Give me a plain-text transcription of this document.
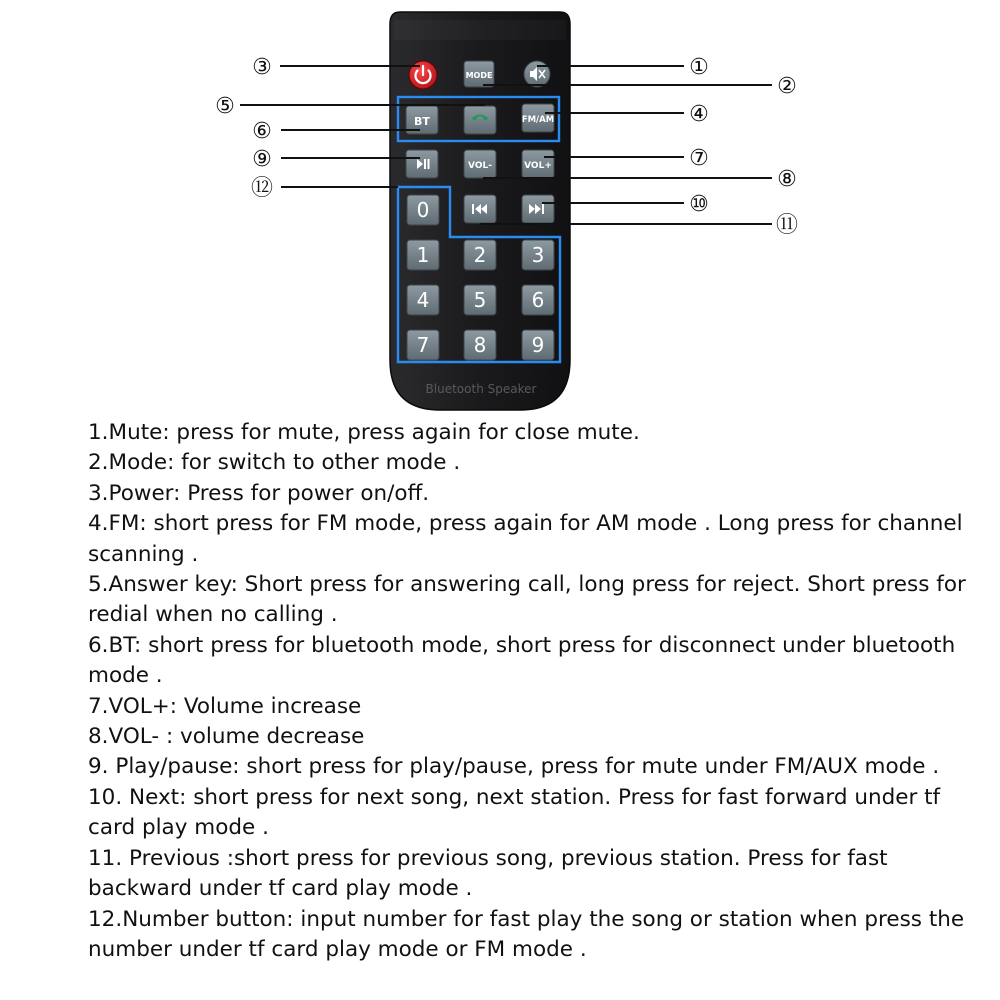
Bluetooth Speaker
MODE
BT	FM/AM
VOL-	VOL+
0
1 2 3
4 5 6
7 8 9
①
②
③
④
⑤
⑥
⑦
⑧
⑨
⑩
⑪
⑫

1.Mute: press for mute, press again for close mute.

2.Mode: for switch to other mode .

3.Power: Press for power on/off.

4.FM: short press for FM mode, press again for AM mode . Long press for channel scanning .

5.Answer key: Short press for answering call, long press for reject. Short press for redial when no calling .

6.BT: short press for bluetooth mode, short press for disconnect under bluetooth mode .

7.VOL+: Volume increase

8.VOL- : volume decrease

9. Play/pause: short press for play/pause, press for mute under FM/AUX mode .

10. Next: short press for next song, next station. Press for fast forward under tf card play mode .

11. Previous :short press for previous song, previous station. Press for fast backward under tf card play mode .

12.Number button: input number for fast play the song or station when press the number under tf card play mode or FM mode .
